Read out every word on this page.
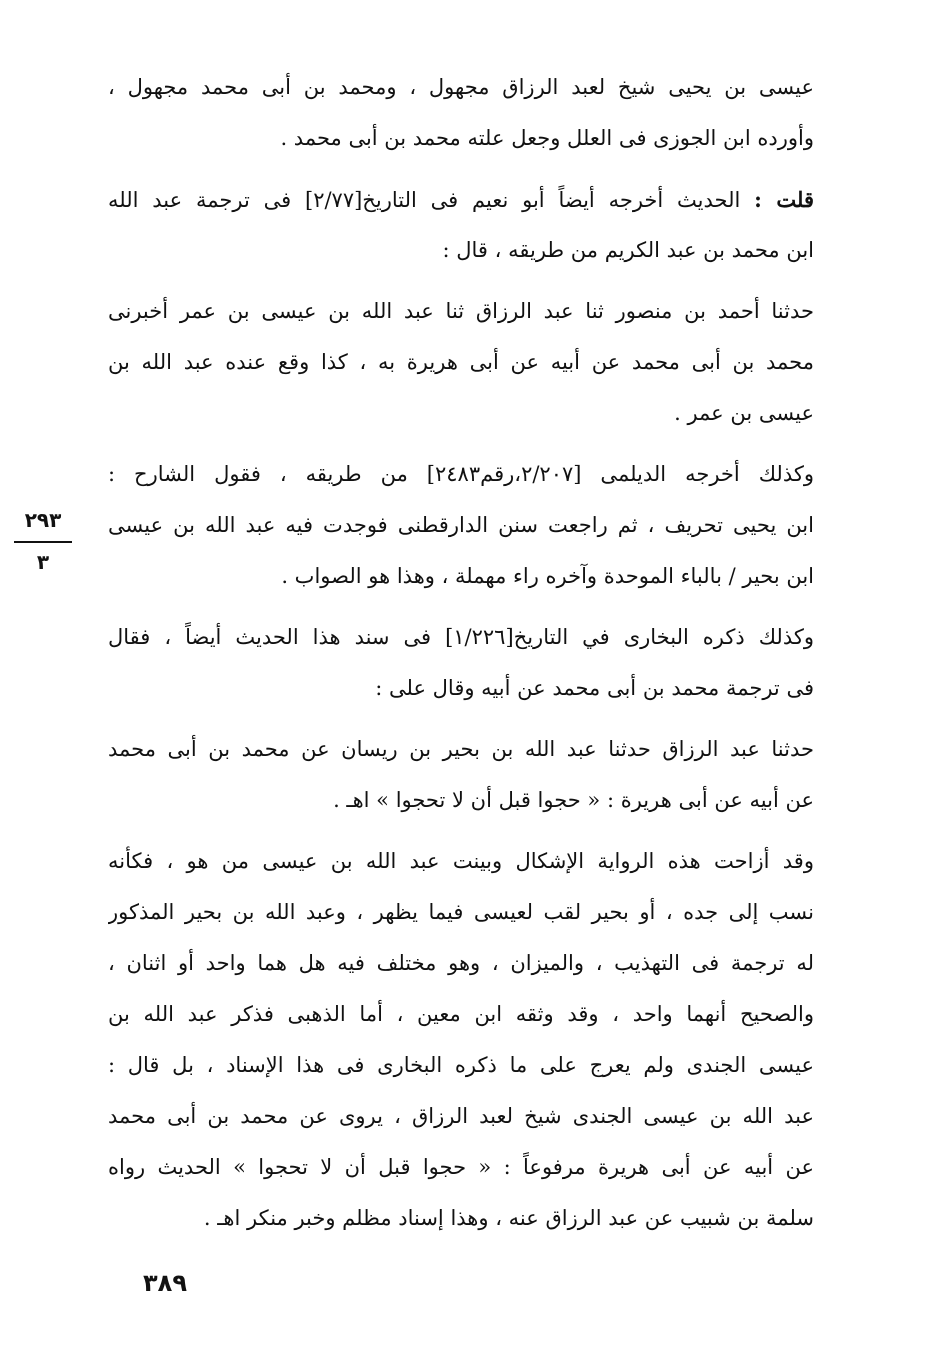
عيسى بن يحيى شيخ لعبد الرزاق مجهول ، ومحمد بن أبى محمد مجهول ،
وأورده ابن الجوزى فى العلل وجعل علته محمد بن أبى محمد .

قلت : الحديث أخرجه أيضاً أبو نعيم فى التاريخ[٢/٧٧] فى ترجمة عبد الله
ابن محمد بن عبد الكريم من طريقه ، قال :

حدثنا أحمد بن منصور ثنا عبد الرزاق ثنا عبد الله بن عيسى بن عمر أخبرنى
محمد بن أبى محمد عن أبيه عن أبى هريرة به ، كذا وقع عنده عبد الله بن
عيسى بن عمر .

وكذلك أخرجه الديلمى [٢/٢٠٧،رقم٢٤٨٣] من طريقه ، فقول الشارح :
ابن يحيى تحريف ، ثم راجعت سنن الدارقطنى فوجدت فيه عبد الله بن عيسى
ابن بحير / بالباء الموحدة وآخره راء مهملة ، وهذا هو الصواب .

وكذلك ذكره البخارى في التاريخ[١/٢٢٦] فى سند هذا الحديث أيضاً ، فقال
فى ترجمة محمد بن أبى محمد عن أبيه وقال على :

حدثنا عبد الرزاق حدثنا عبد الله بن بحير بن ريسان عن محمد بن أبى محمد
عن أبيه عن أبى هريرة : « حجوا قبل أن لا تحجوا » اهـ .

وقد أزاحت هذه الرواية الإشكال وبينت عبد الله بن عيسى من هو ، فكأنه
نسب إلى جده ، أو بحير لقب لعيسى فيما يظهر ، وعبد الله بن بحير المذكور
له ترجمة فى التهذيب ، والميزان ، وهو مختلف فيه هل هما واحد أو اثنان ،
والصحيح أنهما واحد ، وقد وثقه ابن معين ، أما الذهبى فذكر عبد الله بن
عيسى الجندى ولم يعرج على ما ذكره البخارى فى هذا الإسناد ، بل قال :
عبد الله بن عيسى الجندى شيخ لعبد الرزاق ، يروى عن محمد بن أبى محمد
عن أبيه عن أبى هريرة مرفوعاً : « حجوا قبل أن لا تحجوا » الحديث رواه
سلمة بن شبيب عن عبد الرزاق عنه ، وهذا إسناد مظلم وخبر منكر اهـ .

٢٩٣
٣
٣٨٩
